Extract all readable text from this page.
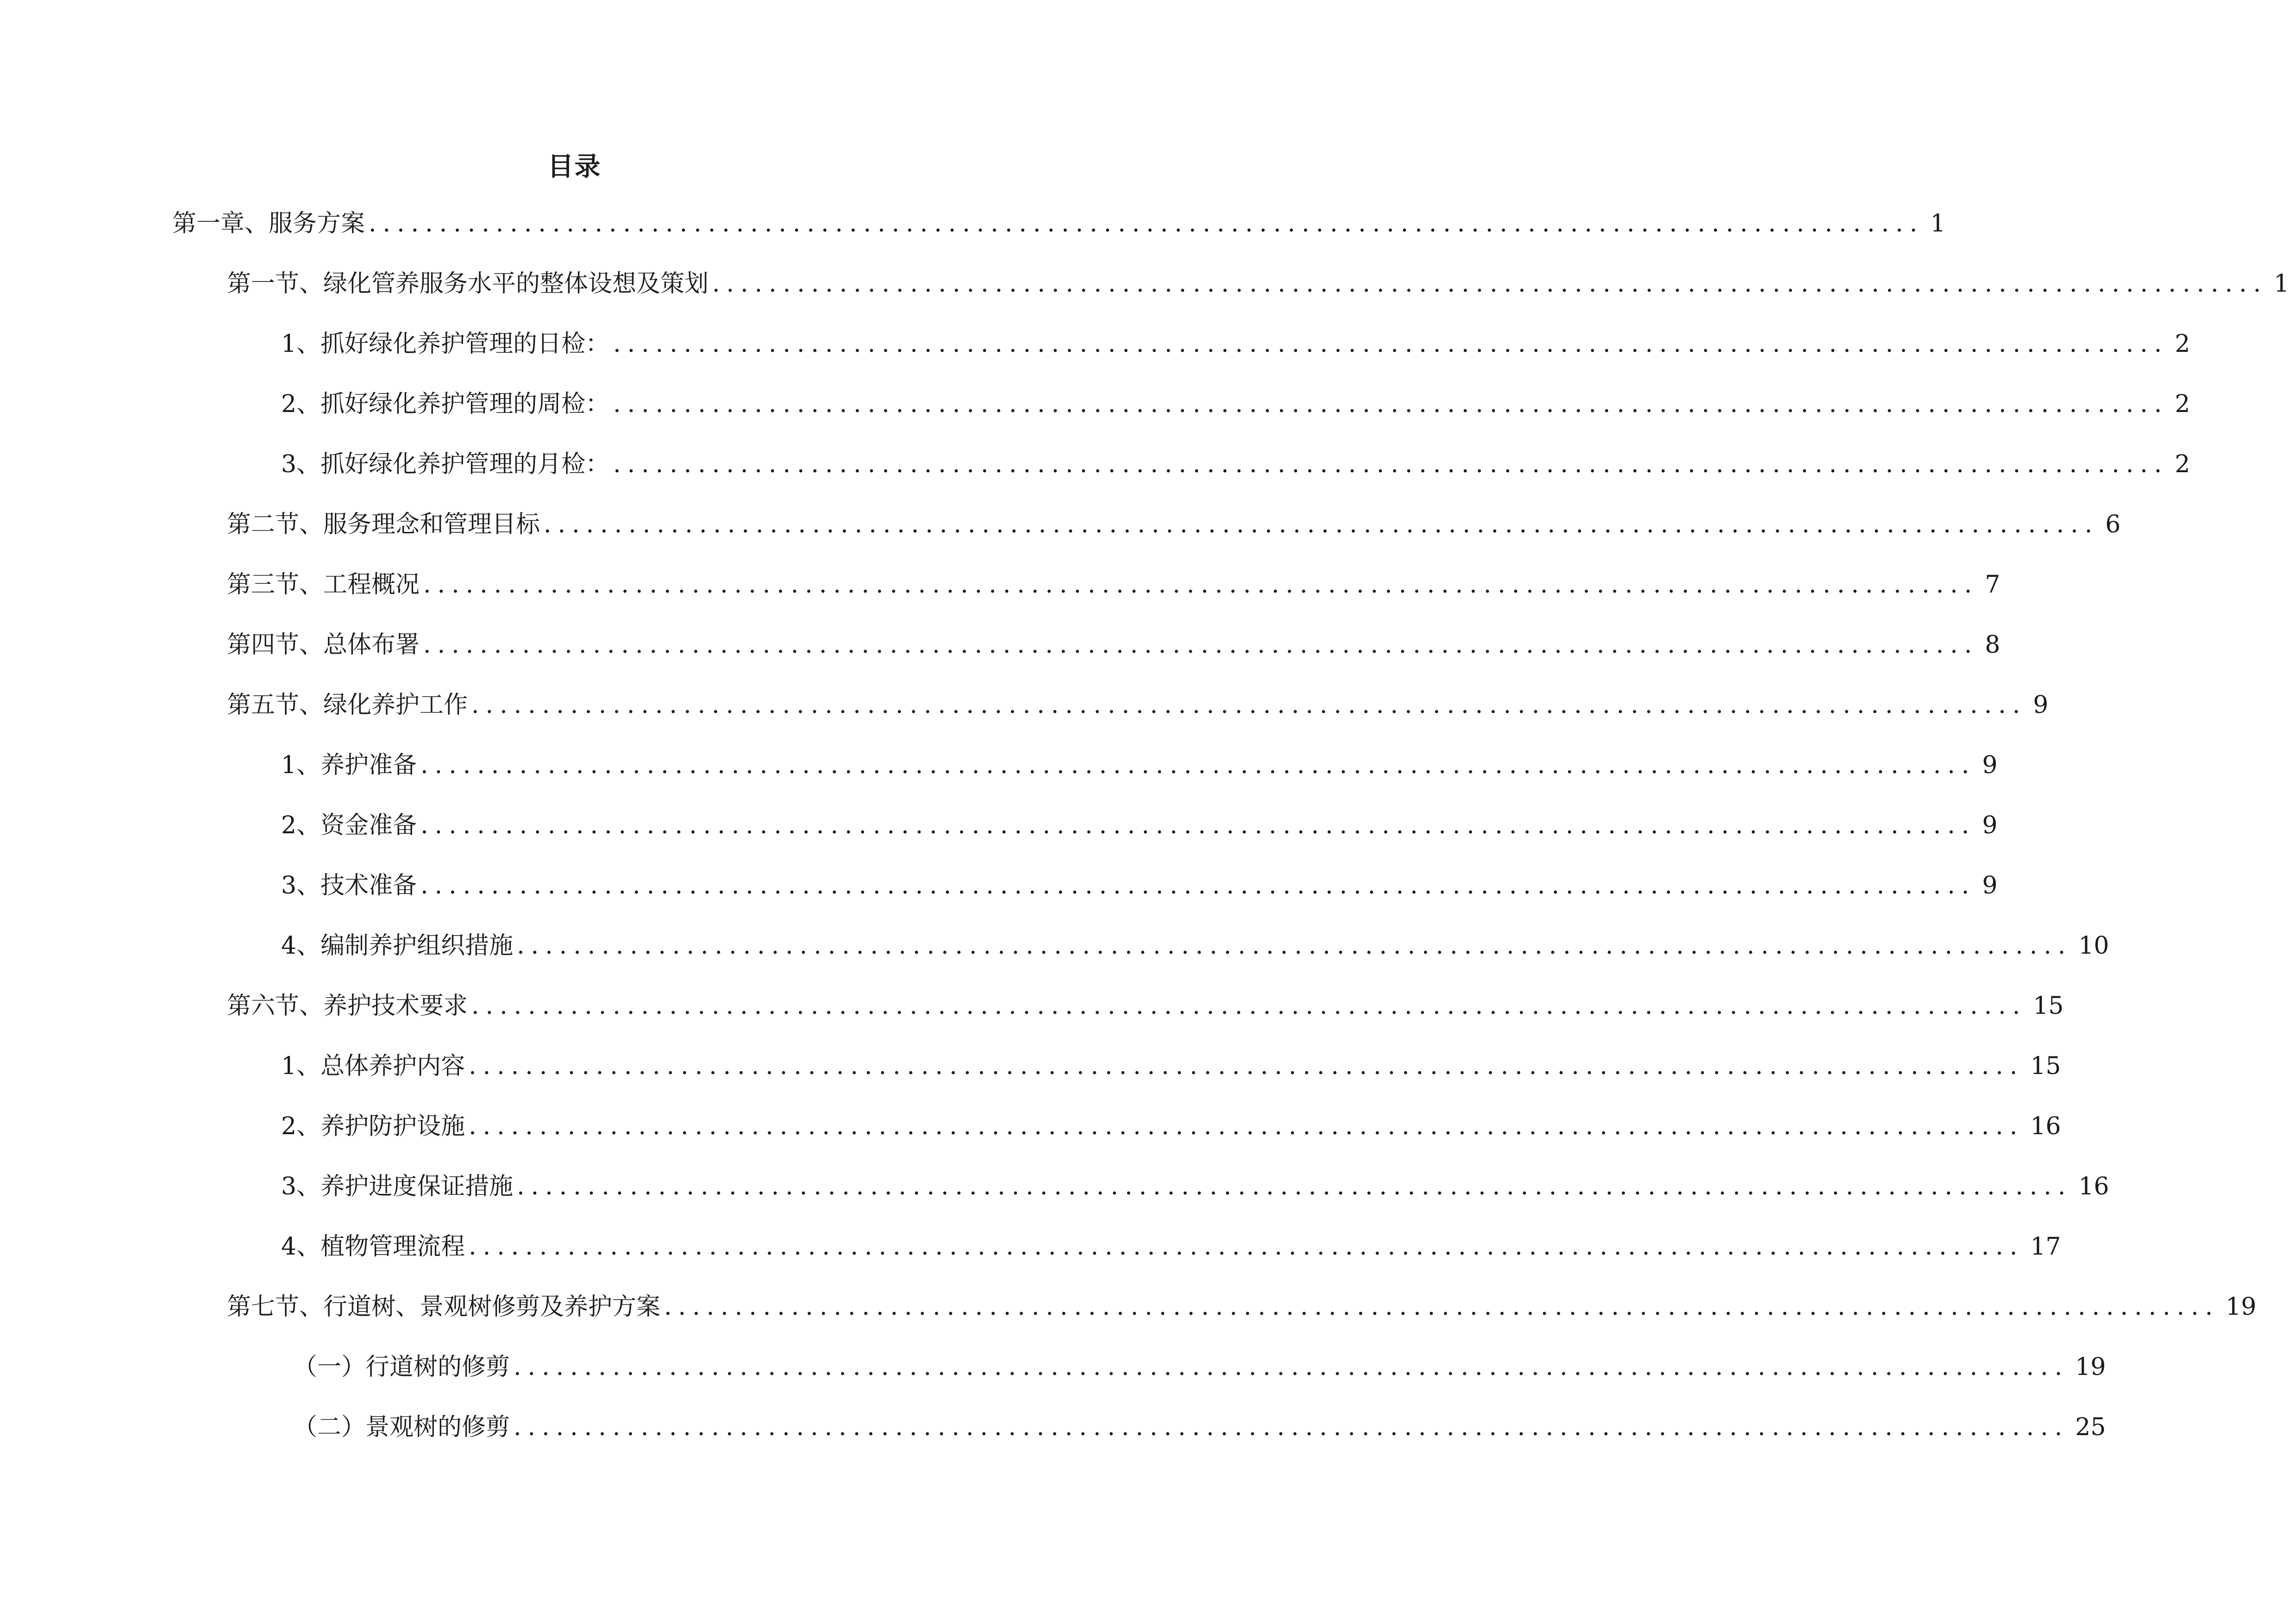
目录
第一章、服务方案 .............................................................................................................. 1
第一节、绿化管养服务水平的整体设想及策划 .............................................................................................................. 1
1、抓好绿化养护管理的日检： .............................................................................................................. 2
2、抓好绿化养护管理的周检： .............................................................................................................. 2
3、抓好绿化养护管理的月检： .............................................................................................................. 2
第二节、服务理念和管理目标 .............................................................................................................. 6
第三节、工程概况 .............................................................................................................. 7
第四节、总体布署 .............................................................................................................. 8
第五节、绿化养护工作 .............................................................................................................. 9
1、养护准备 .............................................................................................................. 9
2、资金准备 .............................................................................................................. 9
3、技术准备 .............................................................................................................. 9
4、编制养护组织措施 .............................................................................................................. 10
第六节、养护技术要求 .............................................................................................................. 15
1、总体养护内容 .............................................................................................................. 15
2、养护防护设施 .............................................................................................................. 16
3、养护进度保证措施 .............................................................................................................. 16
4、植物管理流程 .............................................................................................................. 17
第七节、行道树、景观树修剪及养护方案 .............................................................................................................. 19
（一）行道树的修剪 .............................................................................................................. 19
（二）景观树的修剪 .............................................................................................................. 25
